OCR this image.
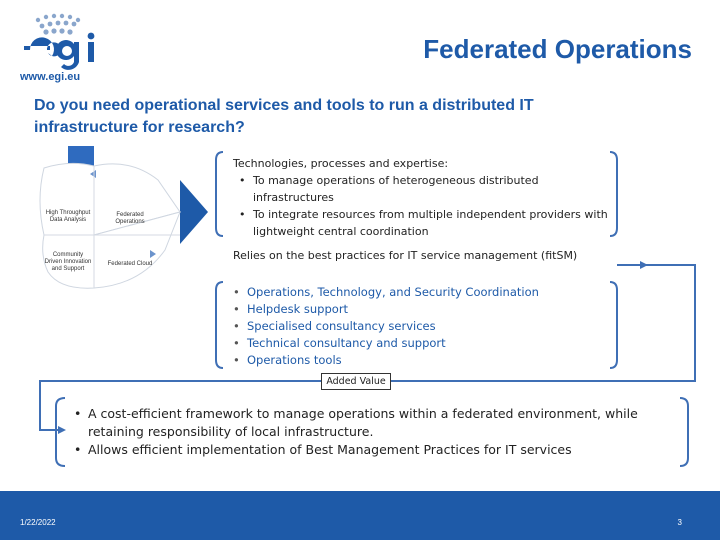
www.egi.eu
Federated Operations
Do you need operational services and tools to run a distributed IT infrastructure for research?
High Throughput Data Analysis
Federated Operations
Community Driven Innovation and Support
Federated Cloud
Technologies, processes and expertise:
• To manage operations of heterogeneous distributed infrastructures
• To integrate resources from multiple independent providers with lightweight central coordination
Relies on the best practices for IT service management (fitSM)
• Operations, Technology, and Security Coordination
• Helpdesk support
• Specialised consultancy services
• Technical consultancy and support
• Operations tools
Added Value
• A cost-efficient framework to manage operations within a federated environment, while retaining responsibility of local infrastructure.
• Allows efficient implementation of Best Management Practices for IT services
1/22/2022	3
